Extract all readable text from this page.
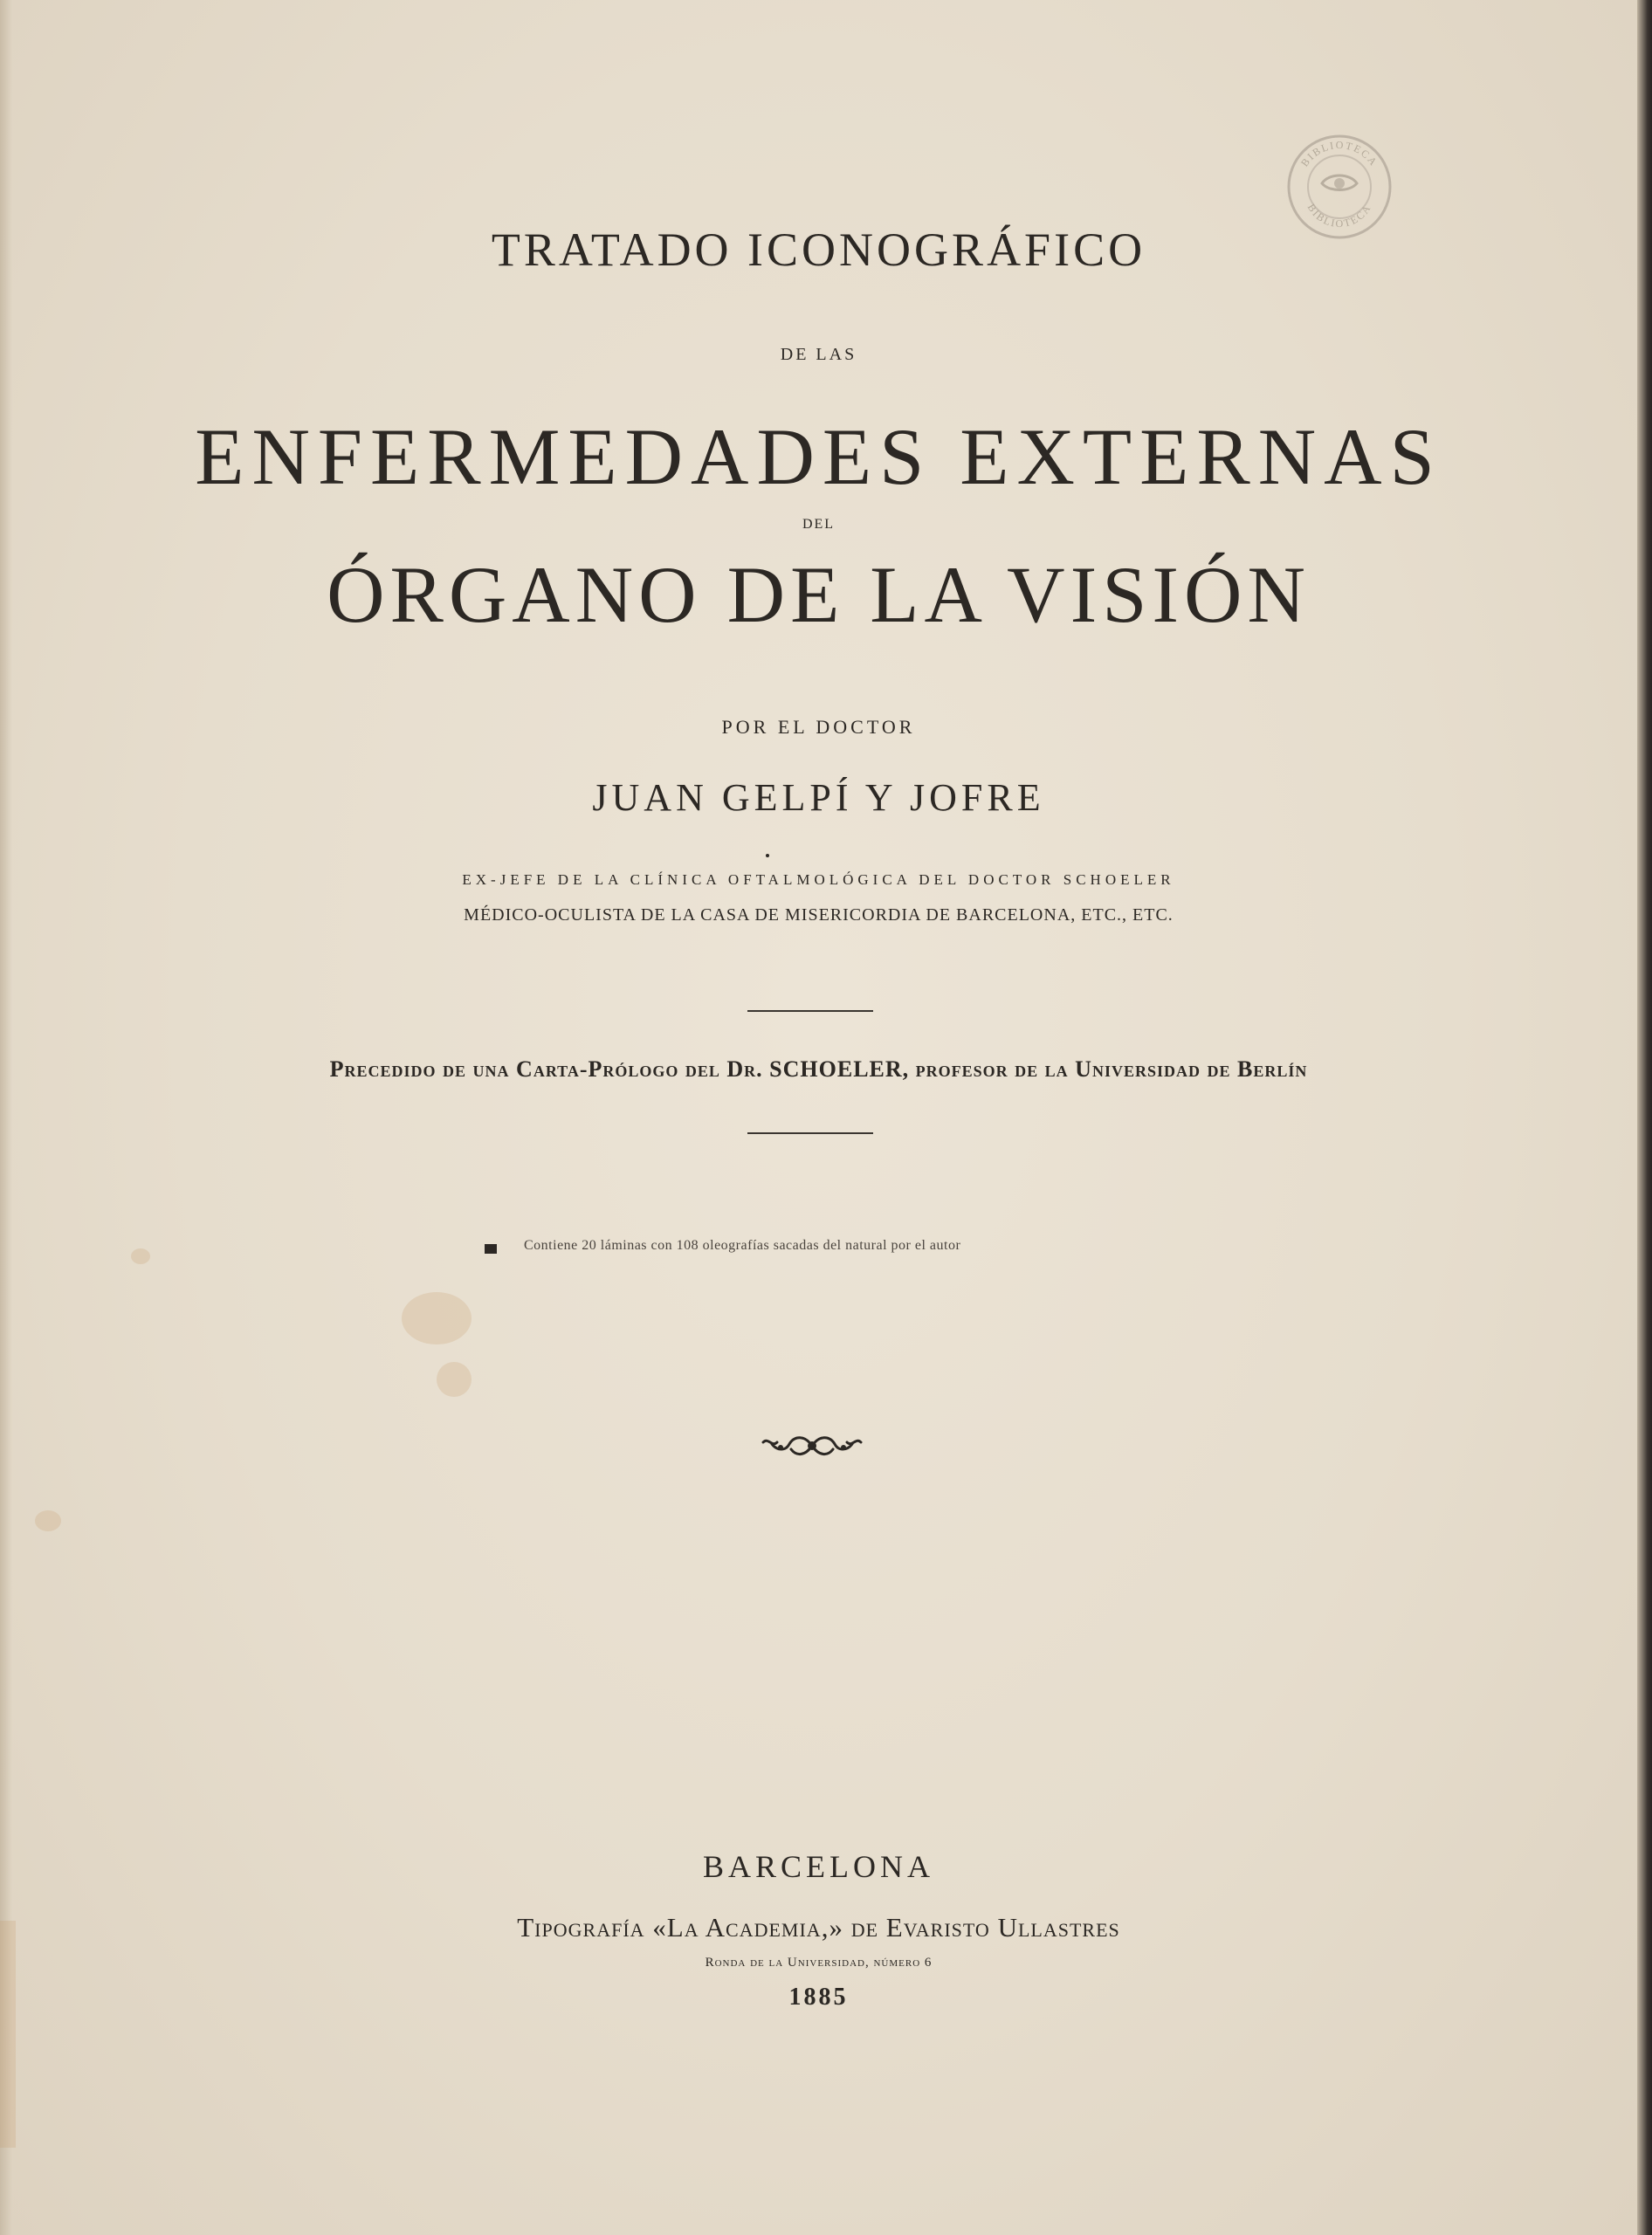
TRATADO ICONOGRÁFICO
DE LAS
ENFERMEDADES EXTERNAS
DEL
ÓRGANO DE LA VISIÓN
POR EL DOCTOR
JUAN GELPÍ Y JOFRE
EX-JEFE DE LA CLÍNICA OFTALMOLÓGICA DEL DOCTOR SCHOELER
MÉDICO-OCULISTA DE LA CASA DE MISERICORDIA DE BARCELONA, ETC., ETC.
Precedido de una Carta-Prólogo del Dr. SCHOELER, profesor de la Universidad de Berlín
Contiene 20 láminas con 108 oleografías sacadas del natural por el autor
BARCELONA
Tipografía «La Academia,» de Evaristo Ullastres
Ronda de la Universidad, número 6
1885
BIBLIOTECA
BIBLIOTECA
